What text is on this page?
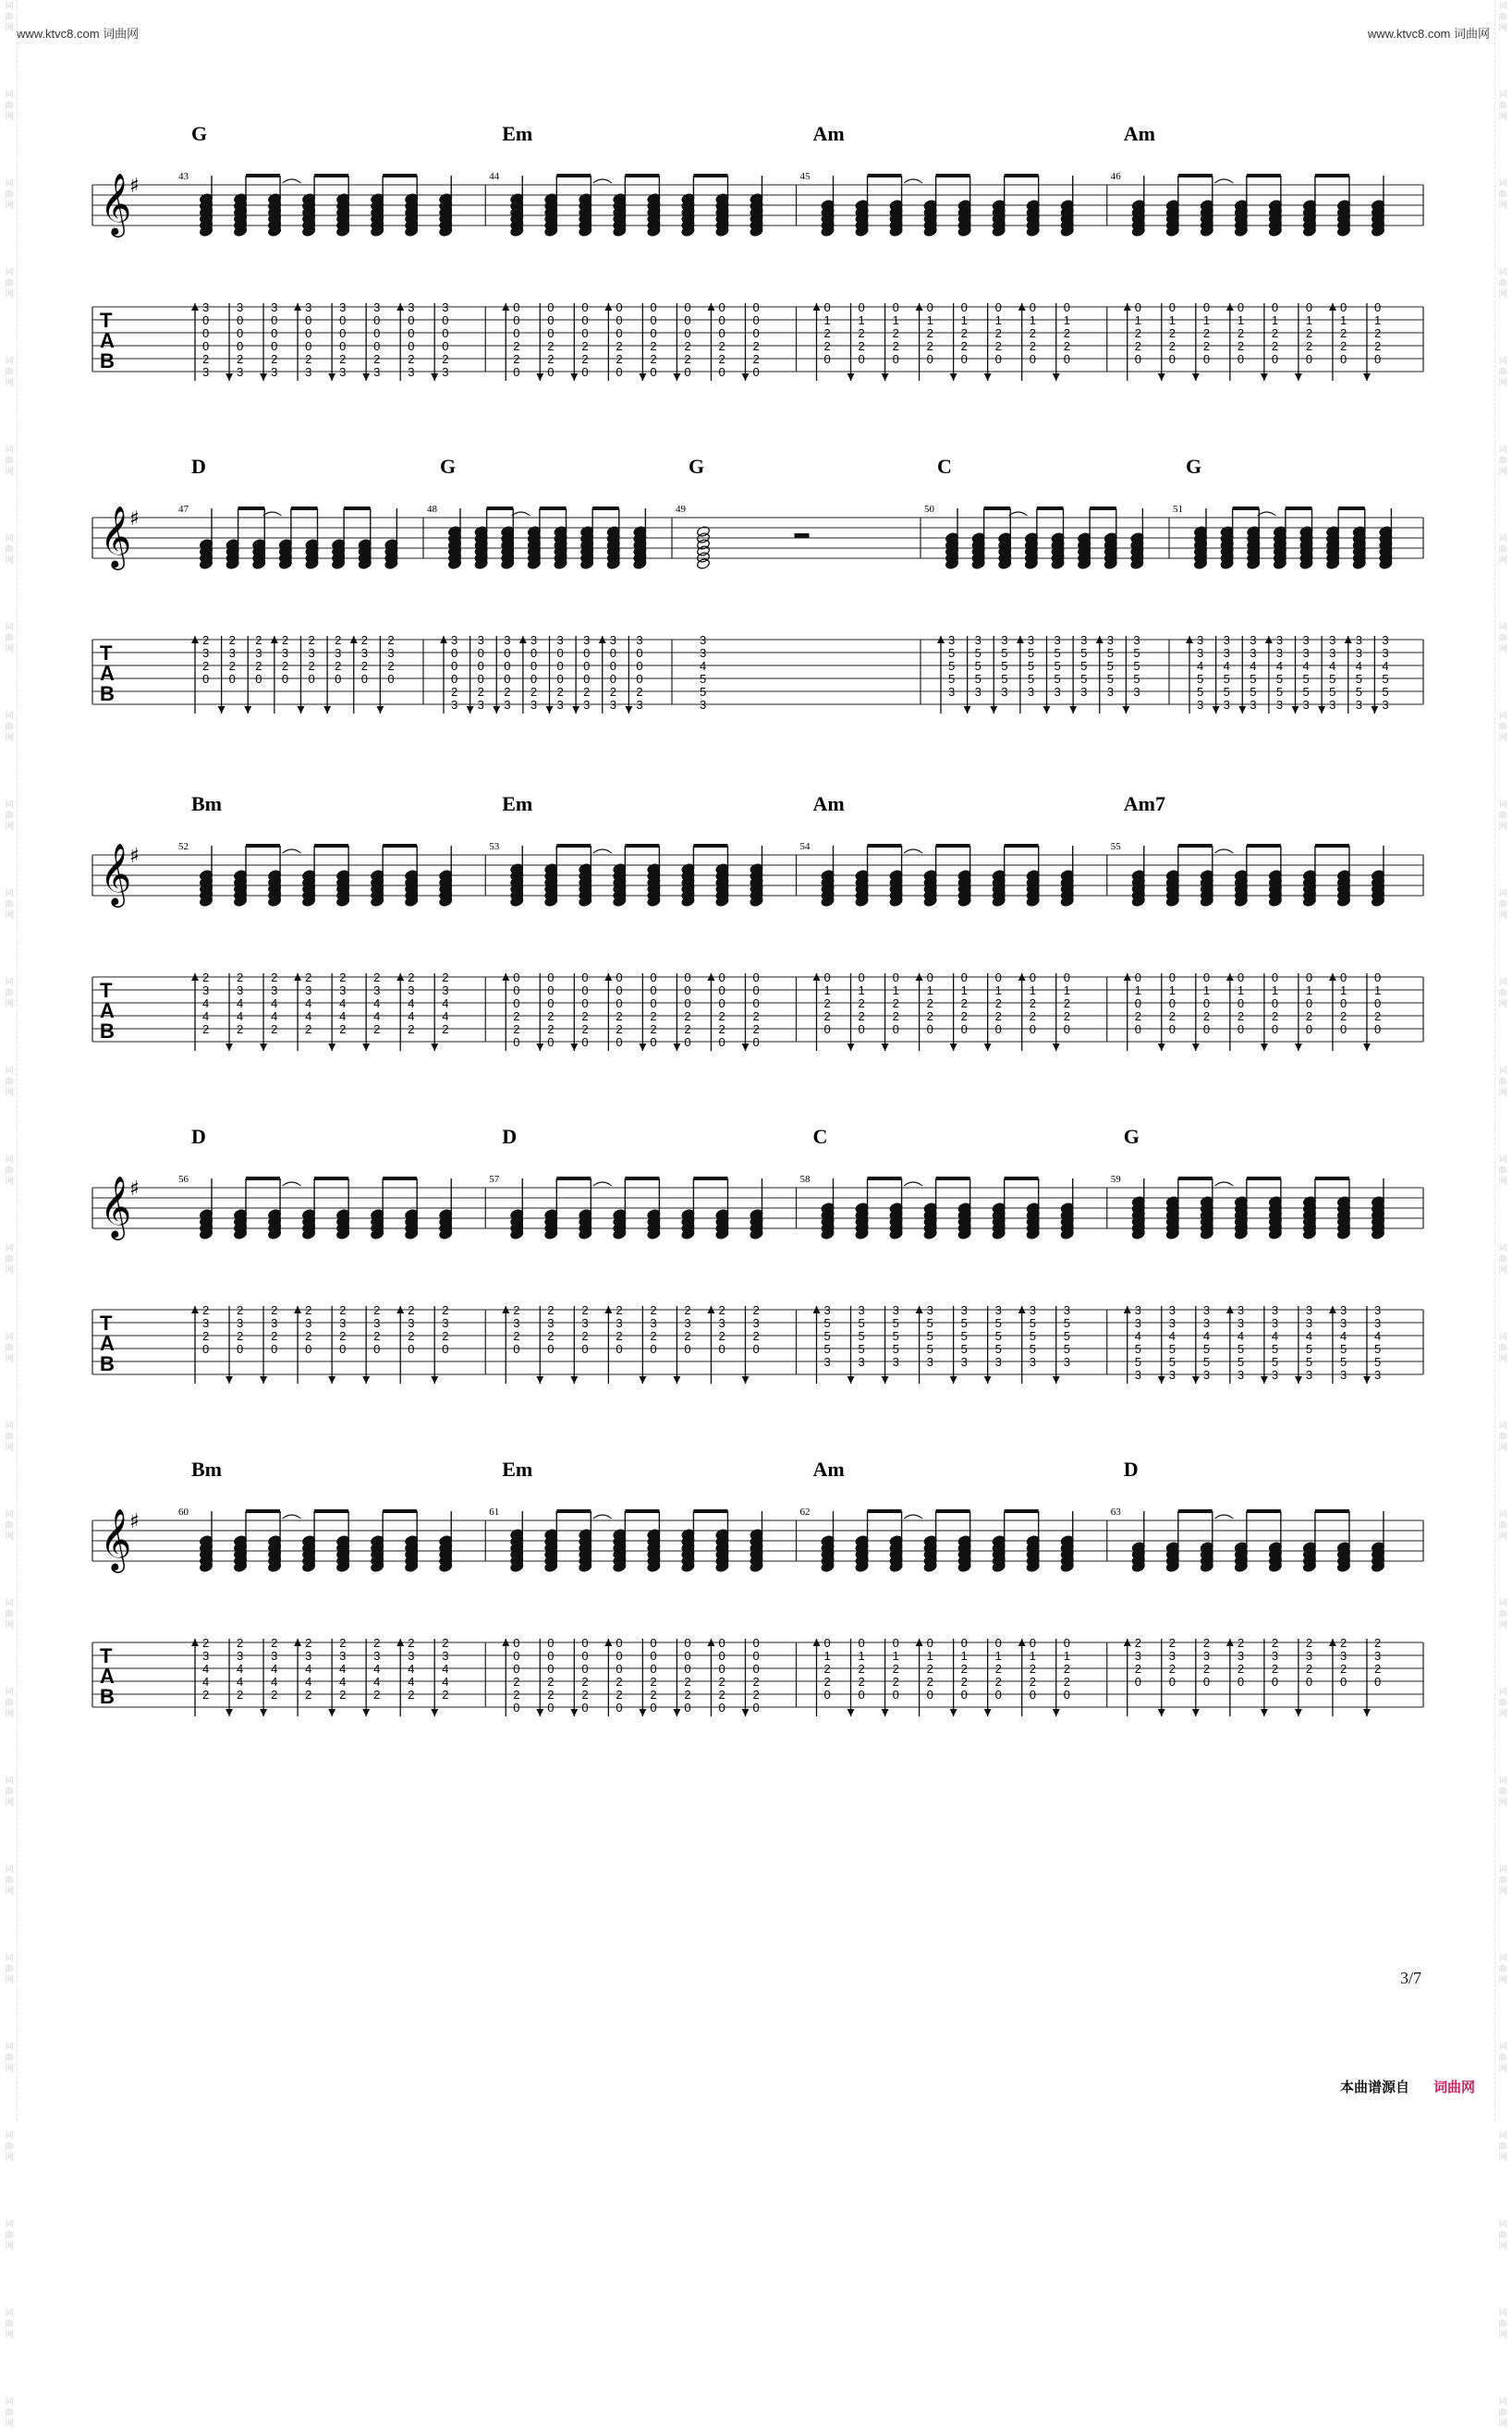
www.ktvc8.com 词曲网	www.ktvc8.com 词曲网
词曲网
词曲网
词曲网
词曲网
词曲网
词曲网
词曲网
词曲网
词曲网
词曲网
词曲网
词曲网
词曲网
词曲网
词曲网
词曲网
词曲网
词曲网
词曲网
词曲网
词曲网
词曲网
词曲网
词曲网
词曲网
词曲网
词曲网
词曲网
词曲网
词曲网
词曲网
词曲网
词曲网
词曲网
词曲网
词曲网
词曲网
词曲网
词曲网
词曲网
词曲网
词曲网
词曲网
词曲网
词曲网
词曲网
词曲网
词曲网
词曲网
词曲网
词曲网
词曲网
词曲网
词曲网
词曲网
词曲网
𝄞
♯
T
A
B
G
43
3
0
0
0
2
3
3
0
0
0
2
3
3
0
0
0
2
3
3
0
0
0
2
3
3
0
0
0
2
3
3
0
0
0
2
3
3
0
0
0
2
3
3
0
0
0
2
3
Em
44
0
0
0
2
2
0
0
0
0
2
2
0
0
0
0
2
2
0
0
0
0
2
2
0
0
0
0
2
2
0
0
0
0
2
2
0
0
0
0
2
2
0
0
0
0
2
2
0
Am
45
0
1
2
2
0
0
1
2
2
0
0
1
2
2
0
0
1
2
2
0
0
1
2
2
0
0
1
2
2
0
0
1
2
2
0
0
1
2
2
0
Am
46
0
1
2
2
0
0
1
2
2
0
0
1
2
2
0
0
1
2
2
0
0
1
2
2
0
0
1
2
2
0
0
1
2
2
0
0
1
2
2
0
𝄞
♯
T
A
B
D
47
2
3
2
0
2
3
2
0
2
3
2
0
2
3
2
0
2
3
2
0
2
3
2
0
2
3
2
0
2
3
2
0
G
48
3
0
0
0
2
3
3
0
0
0
2
3
3
0
0
0
2
3
3
0
0
0
2
3
3
0
0
0
2
3
3
0
0
0
2
3
3
0
0
0
2
3
3
0
0
0
2
3
G
49
3
3
4
5
5
3
C
50
3
5
5
5
3
3
5
5
5
3
3
5
5
5
3
3
5
5
5
3
3
5
5
5
3
3
5
5
5
3
3
5
5
5
3
3
5
5
5
3
G
51
3
3
4
5
5
3
3
3
4
5
5
3
3
3
4
5
5
3
3
3
4
5
5
3
3
3
4
5
5
3
3
3
4
5
5
3
3
3
4
5
5
3
3
3
4
5
5
3
𝄞
♯
T
A
B
Bm
52
2
3
4
4
2
2
3
4
4
2
2
3
4
4
2
2
3
4
4
2
2
3
4
4
2
2
3
4
4
2
2
3
4
4
2
2
3
4
4
2
Em
53
0
0
0
2
2
0
0
0
0
2
2
0
0
0
0
2
2
0
0
0
0
2
2
0
0
0
0
2
2
0
0
0
0
2
2
0
0
0
0
2
2
0
0
0
0
2
2
0
Am
54
0
1
2
2
0
0
1
2
2
0
0
1
2
2
0
0
1
2
2
0
0
1
2
2
0
0
1
2
2
0
0
1
2
2
0
0
1
2
2
0
Am7
55
0
1
0
2
0
0
1
0
2
0
0
1
0
2
0
0
1
0
2
0
0
1
0
2
0
0
1
0
2
0
0
1
0
2
0
0
1
0
2
0
𝄞
♯
T
A
B
D
56
2
3
2
0
2
3
2
0
2
3
2
0
2
3
2
0
2
3
2
0
2
3
2
0
2
3
2
0
2
3
2
0
D
57
2
3
2
0
2
3
2
0
2
3
2
0
2
3
2
0
2
3
2
0
2
3
2
0
2
3
2
0
2
3
2
0
C
58
3
5
5
5
3
3
5
5
5
3
3
5
5
5
3
3
5
5
5
3
3
5
5
5
3
3
5
5
5
3
3
5
5
5
3
3
5
5
5
3
G
59
3
3
4
5
5
3
3
3
4
5
5
3
3
3
4
5
5
3
3
3
4
5
5
3
3
3
4
5
5
3
3
3
4
5
5
3
3
3
4
5
5
3
3
3
4
5
5
3
𝄞
♯
T
A
B
Bm
60
2
3
4
4
2
2
3
4
4
2
2
3
4
4
2
2
3
4
4
2
2
3
4
4
2
2
3
4
4
2
2
3
4
4
2
2
3
4
4
2
Em
61
0
0
0
2
2
0
0
0
0
2
2
0
0
0
0
2
2
0
0
0
0
2
2
0
0
0
0
2
2
0
0
0
0
2
2
0
0
0
0
2
2
0
0
0
0
2
2
0
Am
62
0
1
2
2
0
0
1
2
2
0
0
1
2
2
0
0
1
2
2
0
0
1
2
2
0
0
1
2
2
0
0
1
2
2
0
0
1
2
2
0
D
63
2
3
2
0
2
3
2
0
2
3
2
0
2
3
2
0
2
3
2
0
2
3
2
0
2
3
2
0
2
3
2
0
3/7
本曲谱源自 词曲网
